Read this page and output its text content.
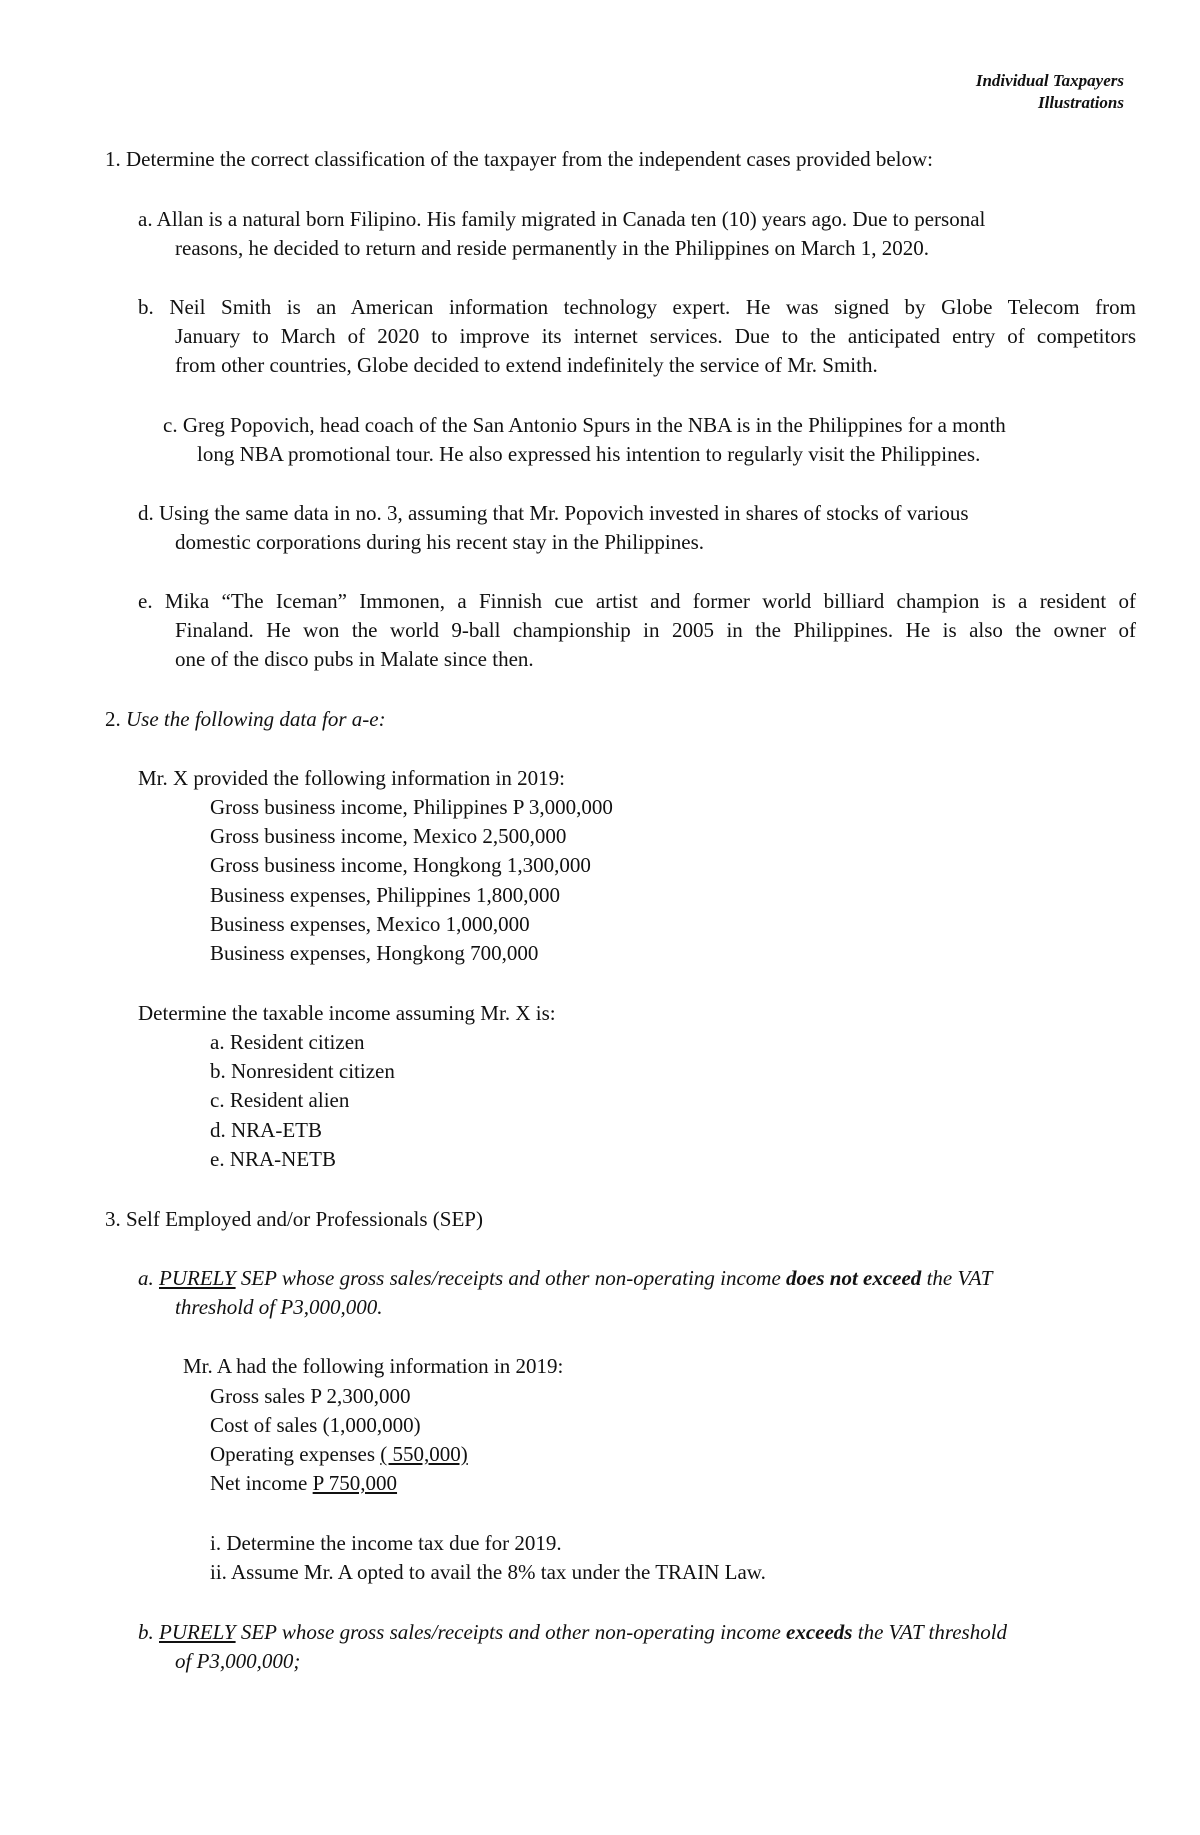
Individual Taxpayers
Illustrations
1. Determine the correct classification of the taxpayer from the independent cases provided below:
a. Allan is a natural born Filipino. His family migrated in Canada ten (10) years ago. Due to personal
reasons, he decided to return and reside permanently in the Philippines on March 1, 2020.
b. Neil Smith is an American information technology expert. He was signed by Globe Telecom from
January to March of 2020 to improve its internet services. Due to the anticipated entry of competitors
from other countries, Globe decided to extend indefinitely the service of Mr. Smith.
c. Greg Popovich, head coach of the San Antonio Spurs in the NBA is in the Philippines for a month
long NBA promotional tour. He also expressed his intention to regularly visit the Philippines.
d. Using the same data in no. 3, assuming that Mr. Popovich invested in shares of stocks of various
domestic corporations during his recent stay in the Philippines.
e. Mika “The Iceman” Immonen, a Finnish cue artist and former world billiard champion is a resident of
Finaland. He won the world 9-ball championship in 2005 in the Philippines. He is also the owner of
one of the disco pubs in Malate since then.
2. Use the following data for a-e:
Mr. X provided the following information in 2019:
Gross business income, Philippines P 3,000,000
Gross business income, Mexico 2,500,000
Gross business income, Hongkong 1,300,000
Business expenses, Philippines 1,800,000
Business expenses, Mexico 1,000,000
Business expenses, Hongkong 700,000
Determine the taxable income assuming Mr. X is:
a. Resident citizen
b. Nonresident citizen
c. Resident alien
d. NRA-ETB
e. NRA-NETB
3. Self Employed and/or Professionals (SEP)
a. PURELY SEP whose gross sales/receipts and other non-operating income does not exceed the VAT
threshold of P3,000,000.
Mr. A had the following information in 2019:
Gross sales P 2,300,000
Cost of sales (1,000,000)
Operating expenses ( 550,000)
Net income P 750,000
i. Determine the income tax due for 2019.
ii. Assume Mr. A opted to avail the 8% tax under the TRAIN Law.
b. PURELY SEP whose gross sales/receipts and other non-operating income exceeds the VAT threshold
of P3,000,000;
